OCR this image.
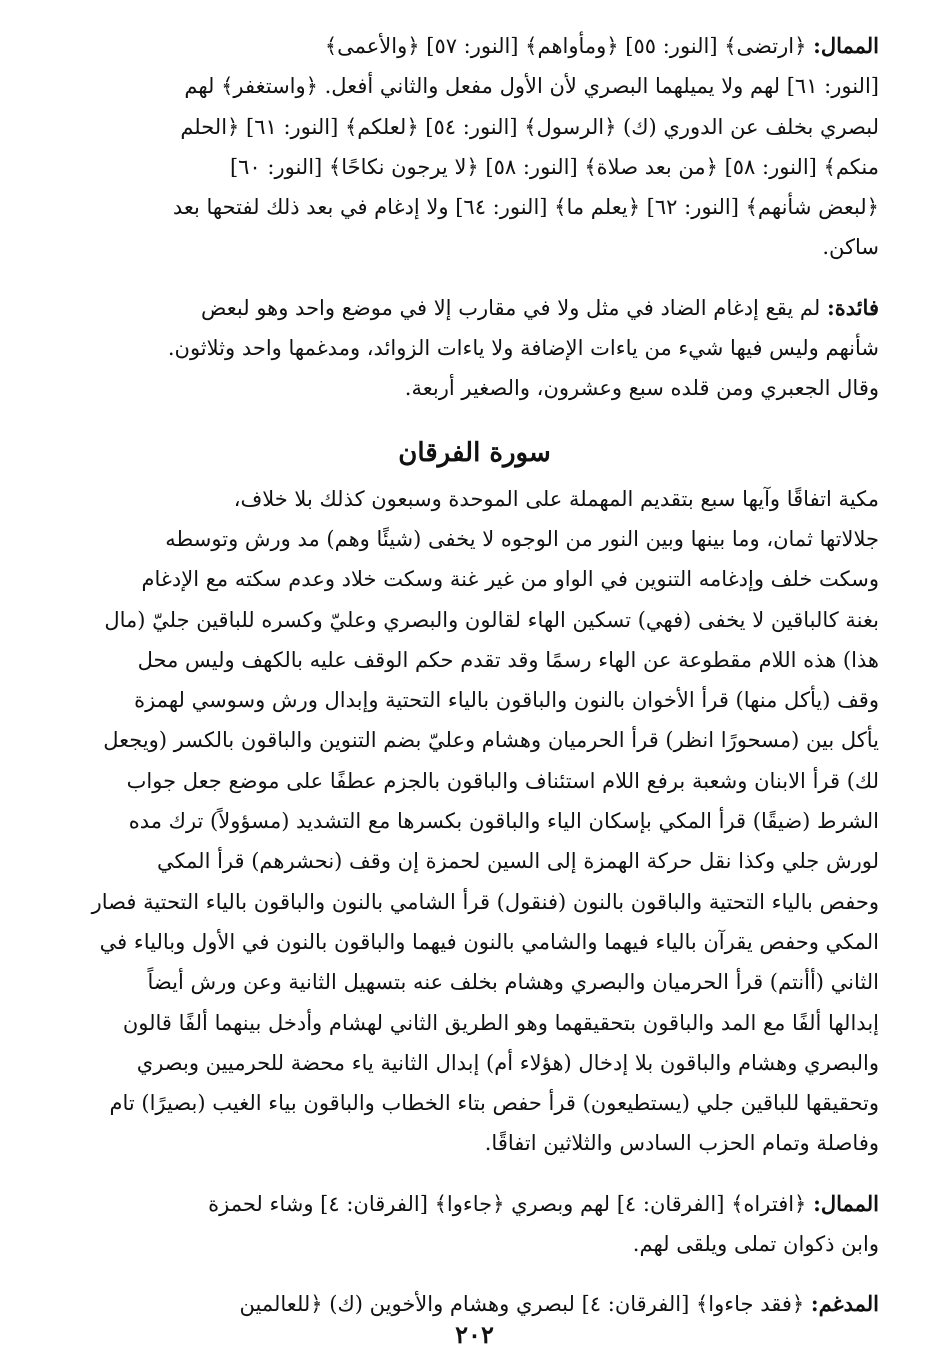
الممال: ﴿ارتضى﴾ [النور: ٥٥] ﴿ومأواهم﴾ [النور: ٥٧] ﴿والأعمى﴾
[النور: ٦١] لهم ولا يميلهما البصري لأن الأول مفعل والثاني أفعل. ﴿واستغفر﴾ لهم
لبصري بخلف عن الدوري (ك) ﴿الرسول﴾ [النور: ٥٤] ﴿لعلكم﴾ [النور: ٦١] ﴿الحلم
منكم﴾ [النور: ٥٨] ﴿من بعد صلاة﴾ [النور: ٥٨] ﴿لا يرجون نكاحًا﴾ [النور: ٦٠]
﴿لبعض شأنهم﴾ [النور: ٦٢] ﴿يعلم ما﴾ [النور: ٦٤] ولا إدغام في بعد ذلك لفتحها بعد
ساكن.
فائدة: لم يقع إدغام الضاد في مثل ولا في مقارب إلا في موضع واحد وهو لبعض
شأنهم وليس فيها شيء من ياءات الإضافة ولا ياءات الزوائد، ومدغمها واحد وثلاثون.
وقال الجعبري ومن قلده سبع وعشرون، والصغير أربعة.
سورة الفرقان
مكية اتفاقًا وآيها سبع بتقديم المهملة على الموحدة وسبعون كذلك بلا خلاف،
جلالاتها ثمان، وما بينها وبين النور من الوجوه لا يخفى (شيئًا وهم) مد ورش وتوسطه
وسكت خلف وإدغامه التنوين في الواو من غير غنة وسكت خلاد وعدم سكته مع الإدغام
بغنة كالباقين لا يخفى (فهي) تسكين الهاء لقالون والبصري وعليّ وكسره للباقين جليّ (مال
هذا) هذه اللام مقطوعة عن الهاء رسمًا وقد تقدم حكم الوقف عليه بالكهف وليس محل
وقف (يأكل منها) قرأ الأخوان بالنون والباقون بالياء التحتية وإبدال ورش وسوسي لهمزة
يأكل بين (مسحورًا انظر) قرأ الحرميان وهشام وعليّ بضم التنوين والباقون بالكسر (ويجعل
لك) قرأ الابنان وشعبة برفع اللام استئناف والباقون بالجزم عطفًا على موضع جعل جواب
الشرط (ضيقًا) قرأ المكي بإسكان الياء والباقون بكسرها مع التشديد (مسؤولاً) ترك مده
لورش جلي وكذا نقل حركة الهمزة إلى السين لحمزة إن وقف (نحشرهم) قرأ المكي
وحفص بالياء التحتية والباقون بالنون (فنقول) قرأ الشامي بالنون والباقون بالياء التحتية فصار
المكي وحفص يقرآن بالياء فيهما والشامي بالنون فيهما والباقون بالنون في الأول وبالياء في
الثاني (أأنتم) قرأ الحرميان والبصري وهشام بخلف عنه بتسهيل الثانية وعن ورش أيضاً
إبدالها ألفًا مع المد والباقون بتحقيقهما وهو الطريق الثاني لهشام وأدخل بينهما ألفًا قالون
والبصري وهشام والباقون بلا إدخال (هؤلاء أم) إبدال الثانية ياء محضة للحرميين وبصري
وتحقيقها للباقين جلي (يستطيعون) قرأ حفص بتاء الخطاب والباقون بياء الغيب (بصيرًا) تام
وفاصلة وتمام الحزب السادس والثلاثين اتفاقًا.
الممال: ﴿افتراه﴾ [الفرقان: ٤] لهم وبصري ﴿جاءوا﴾ [الفرقان: ٤] وشاء لحمزة
وابن ذكوان تملى ويلقى لهم.
المدغم: ﴿فقد جاءوا﴾ [الفرقان: ٤] لبصري وهشام والأخوين (ك) ﴿للعالمين
٢٠٢
